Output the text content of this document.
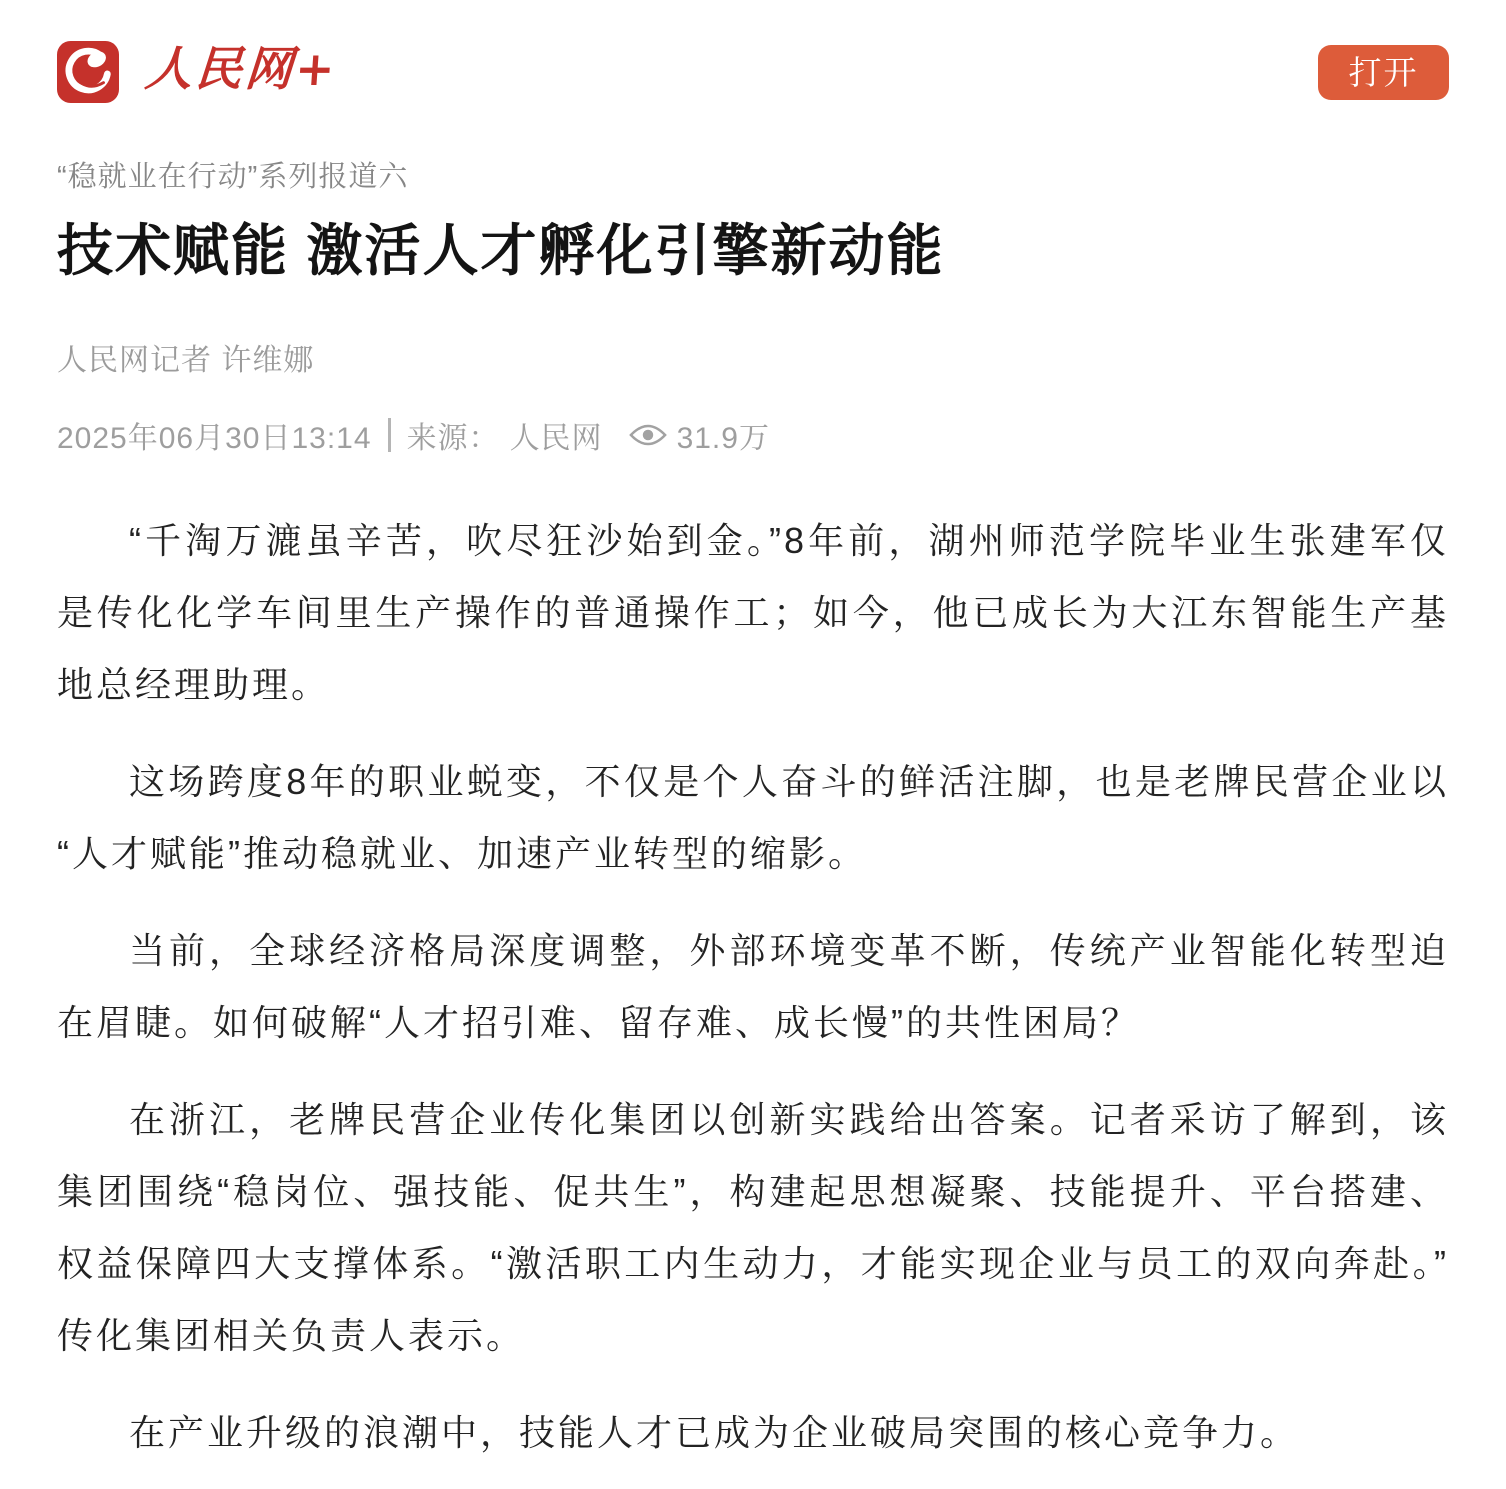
人民网+	打开
“稳就业在行动”系列报道六
技术赋能 激活人才孵化引擎新动能
人民网记者 许维娜
2025年06月30日13:14 来源： 人民网 31.9万

“千淘万漉虽辛苦，吹尽狂沙始到金。”8年前，湖州师范学院毕业生张建军仅是传化化学车间里生产操作的普通操作工；如今，他已成长为大江东智能生产基地总经理助理。

这场跨度8年的职业蜕变，不仅是个人奋斗的鲜活注脚，也是老牌民营企业以“人才赋能”推动稳就业、加速产业转型的缩影。

当前，全球经济格局深度调整，外部环境变革不断，传统产业智能化转型迫在眉睫。如何破解“人才招引难、留存难、成长慢”的共性困局？

在浙江，老牌民营企业传化集团以创新实践给出答案。记者采访了解到，该集团围绕“稳岗位、强技能、促共生”，构建起思想凝聚、技能提升、平台搭建、权益保障四大支撑体系。“激活职工内生动力，才能实现企业与员工的双向奔赴。”传化集团相关负责人表示。

在产业升级的浪潮中，技能人才已成为企业破局突围的核心竞争力。
